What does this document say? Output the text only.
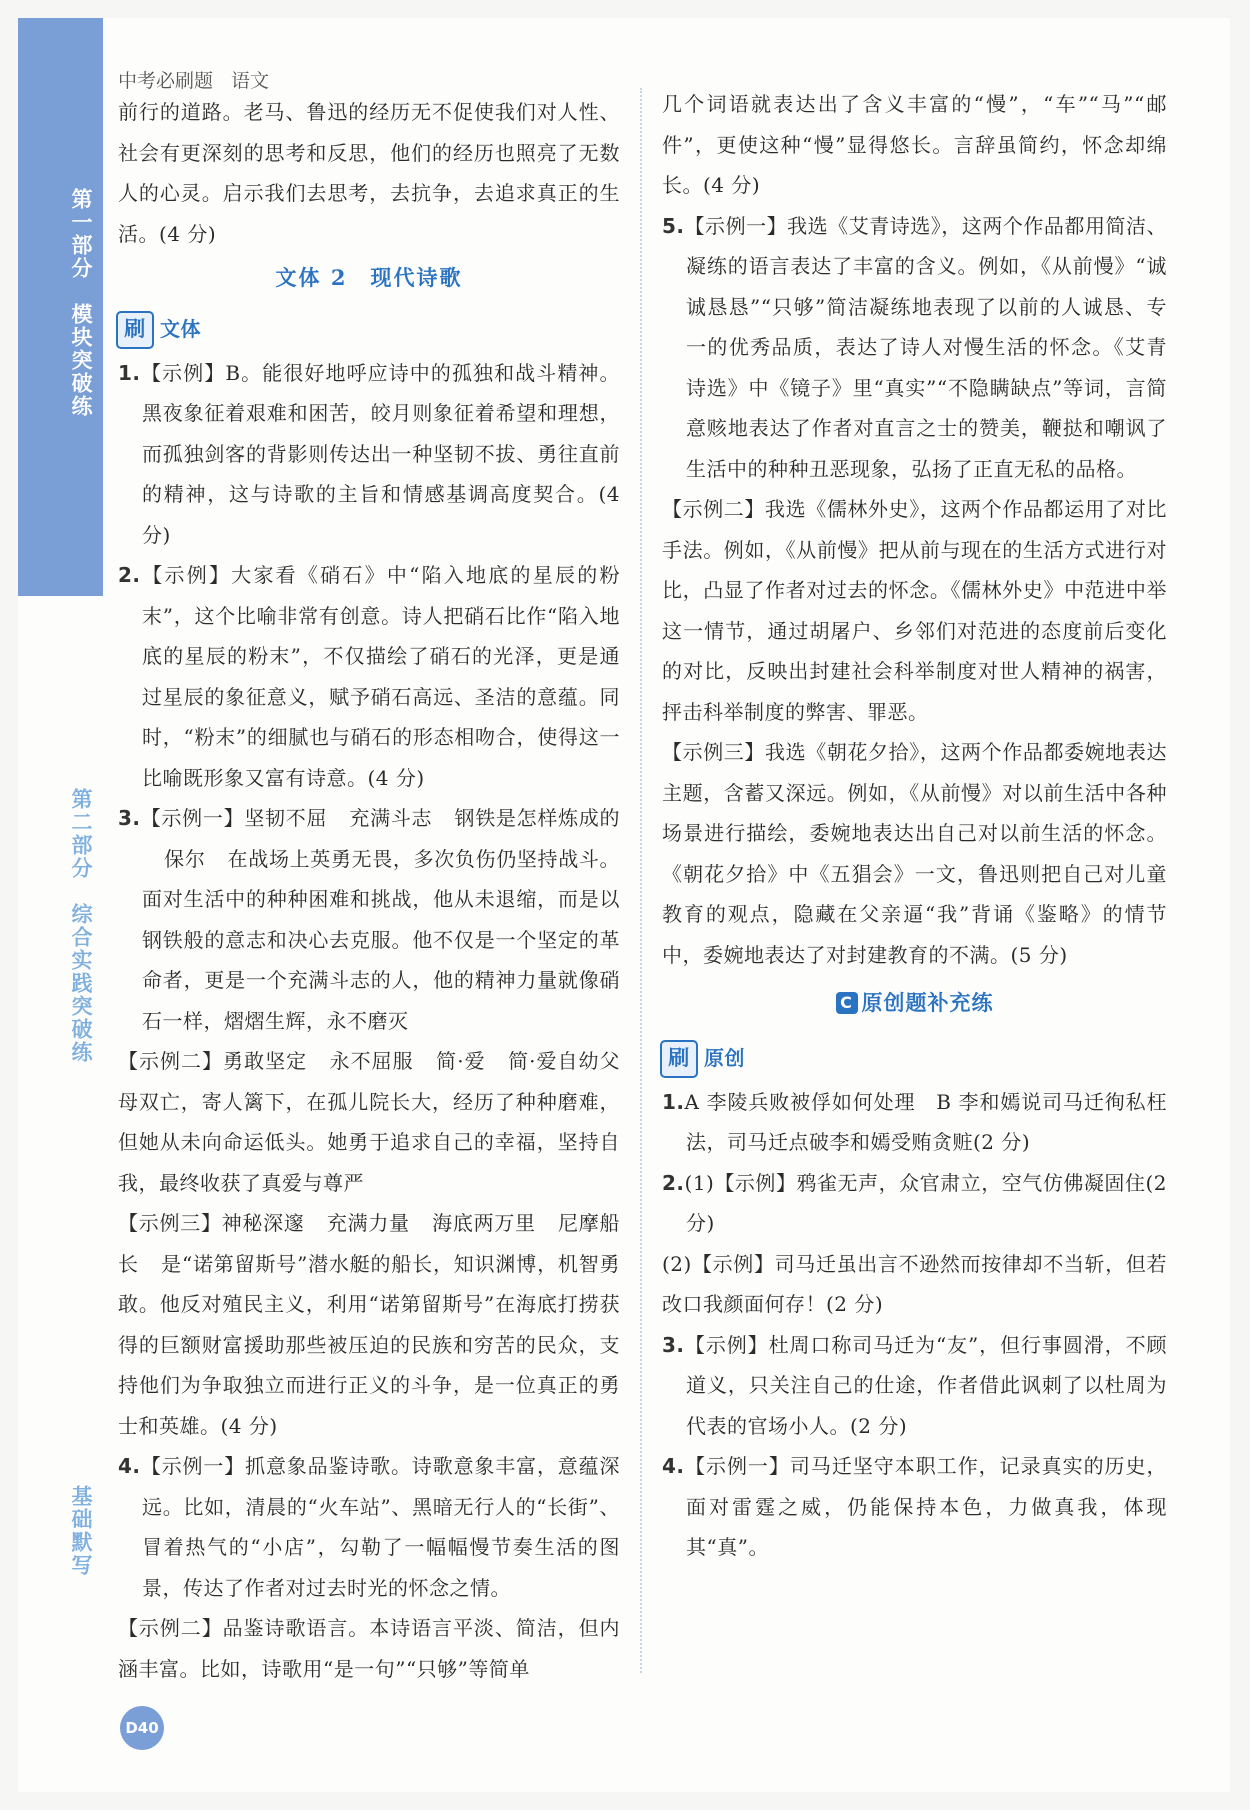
第一部分　模块突破练
第二部分　综合实践突破练
基础默写
中考必刷题 语文

前行的道路。老马、鲁迅的经历无不促使我们对人性、社会有更深刻的思考和反思，他们的经历也照亮了无数人的心灵。启示我们去思考，去抗争，去追求真正的生活。(4 分)

文体 2　现代诗歌
刷 文体

1.【示例】B。能很好地呼应诗中的孤独和战斗精神。黑夜象征着艰难和困苦，皎月则象征着希望和理想，而孤独剑客的背影则传达出一种坚韧不拔、勇往直前的精神，这与诗歌的主旨和情感基调高度契合。(4 分)

2.【示例】大家看《硝石》中“陷入地底的星辰的粉末”，这个比喻非常有创意。诗人把硝石比作“陷入地底的星辰的粉末”，不仅描绘了硝石的光泽，更是通过星辰的象征意义，赋予硝石高远、圣洁的意蕴。同时，“粉末”的细腻也与硝石的形态相吻合，使得这一比喻既形象又富有诗意。(4 分)

3.【示例一】坚韧不屈 充满斗志 钢铁是怎样炼成的保尔 在战场上英勇无畏，多次负伤仍坚持战斗。面对生活中的种种困难和挑战，他从未退缩，而是以钢铁般的意志和决心去克服。他不仅是一个坚定的革命者，更是一个充满斗志的人，他的精神力量就像硝石一样，熠熠生辉，永不磨灭

【示例二】勇敢坚定 永不屈服 简·爱 简·爱自幼父母双亡，寄人篱下，在孤儿院长大，经历了种种磨难，但她从未向命运低头。她勇于追求自己的幸福，坚持自我，最终收获了真爱与尊严

【示例三】神秘深邃 充满力量 海底两万里 尼摩船长 是“诺第留斯号”潜水艇的船长，知识渊博，机智勇敢。他反对殖民主义，利用“诺第留斯号”在海底打捞获得的巨额财富援助那些被压迫的民族和穷苦的民众，支持他们为争取独立而进行正义的斗争，是一位真正的勇士和英雄。(4 分)

4.【示例一】抓意象品鉴诗歌。诗歌意象丰富，意蕴深远。比如，清晨的“火车站”、黑暗无行人的“长街”、冒着热气的“小店”，勾勒了一幅幅慢节奏生活的图景，传达了作者对过去时光的怀念之情。

【示例二】品鉴诗歌语言。本诗语言平淡、简洁，但内涵丰富。比如，诗歌用“是一句”“只够”等简单

几个词语就表达出了含义丰富的“慢”，“车”“马”“邮件”，更使这种“慢”显得悠长。言辞虽简约，怀念却绵长。(4 分)

5.【示例一】我选《艾青诗选》，这两个作品都用简洁、凝练的语言表达了丰富的含义。例如，《从前慢》“诚诚恳恳”“只够”简洁凝练地表现了以前的人诚恳、专一的优秀品质，表达了诗人对慢生活的怀念。《艾青诗选》中《镜子》里“真实”“不隐瞒缺点”等词，言简意赅地表达了作者对直言之士的赞美，鞭挞和嘲讽了生活中的种种丑恶现象，弘扬了正直无私的品格。

【示例二】我选《儒林外史》，这两个作品都运用了对比手法。例如，《从前慢》把从前与现在的生活方式进行对比，凸显了作者对过去的怀念。《儒林外史》中范进中举这一情节，通过胡屠户、乡邻们对范进的态度前后变化的对比，反映出封建社会科举制度对世人精神的祸害，抨击科举制度的弊害、罪恶。

【示例三】我选《朝花夕拾》，这两个作品都委婉地表达主题，含蓄又深远。例如，《从前慢》对以前生活中各种场景进行描绘，委婉地表达出自己对以前生活的怀念。《朝花夕拾》中《五猖会》一文，鲁迅则把自己对儿童教育的观点，隐藏在父亲逼“我”背诵《鉴略》的情节中，委婉地表达了对封建教育的不满。(5 分)

C 原创题补充练
刷 原创

1.A 李陵兵败被俘如何处理　B 李和嫣说司马迁徇私枉法，司马迁点破李和嫣受贿贪赃(2 分)

2.(1)【示例】鸦雀无声，众官肃立，空气仿佛凝固住(2 分)

(2)【示例】司马迁虽出言不逊然而按律却不当斩，但若改口我颜面何存！(2 分)

3.【示例】杜周口称司马迁为“友”，但行事圆滑，不顾道义，只关注自己的仕途，作者借此讽刺了以杜周为代表的官场小人。(2 分)

4.【示例一】司马迁坚守本职工作，记录真实的历史，面对雷霆之威，仍能保持本色，力做真我，体现其“真”。

D40
